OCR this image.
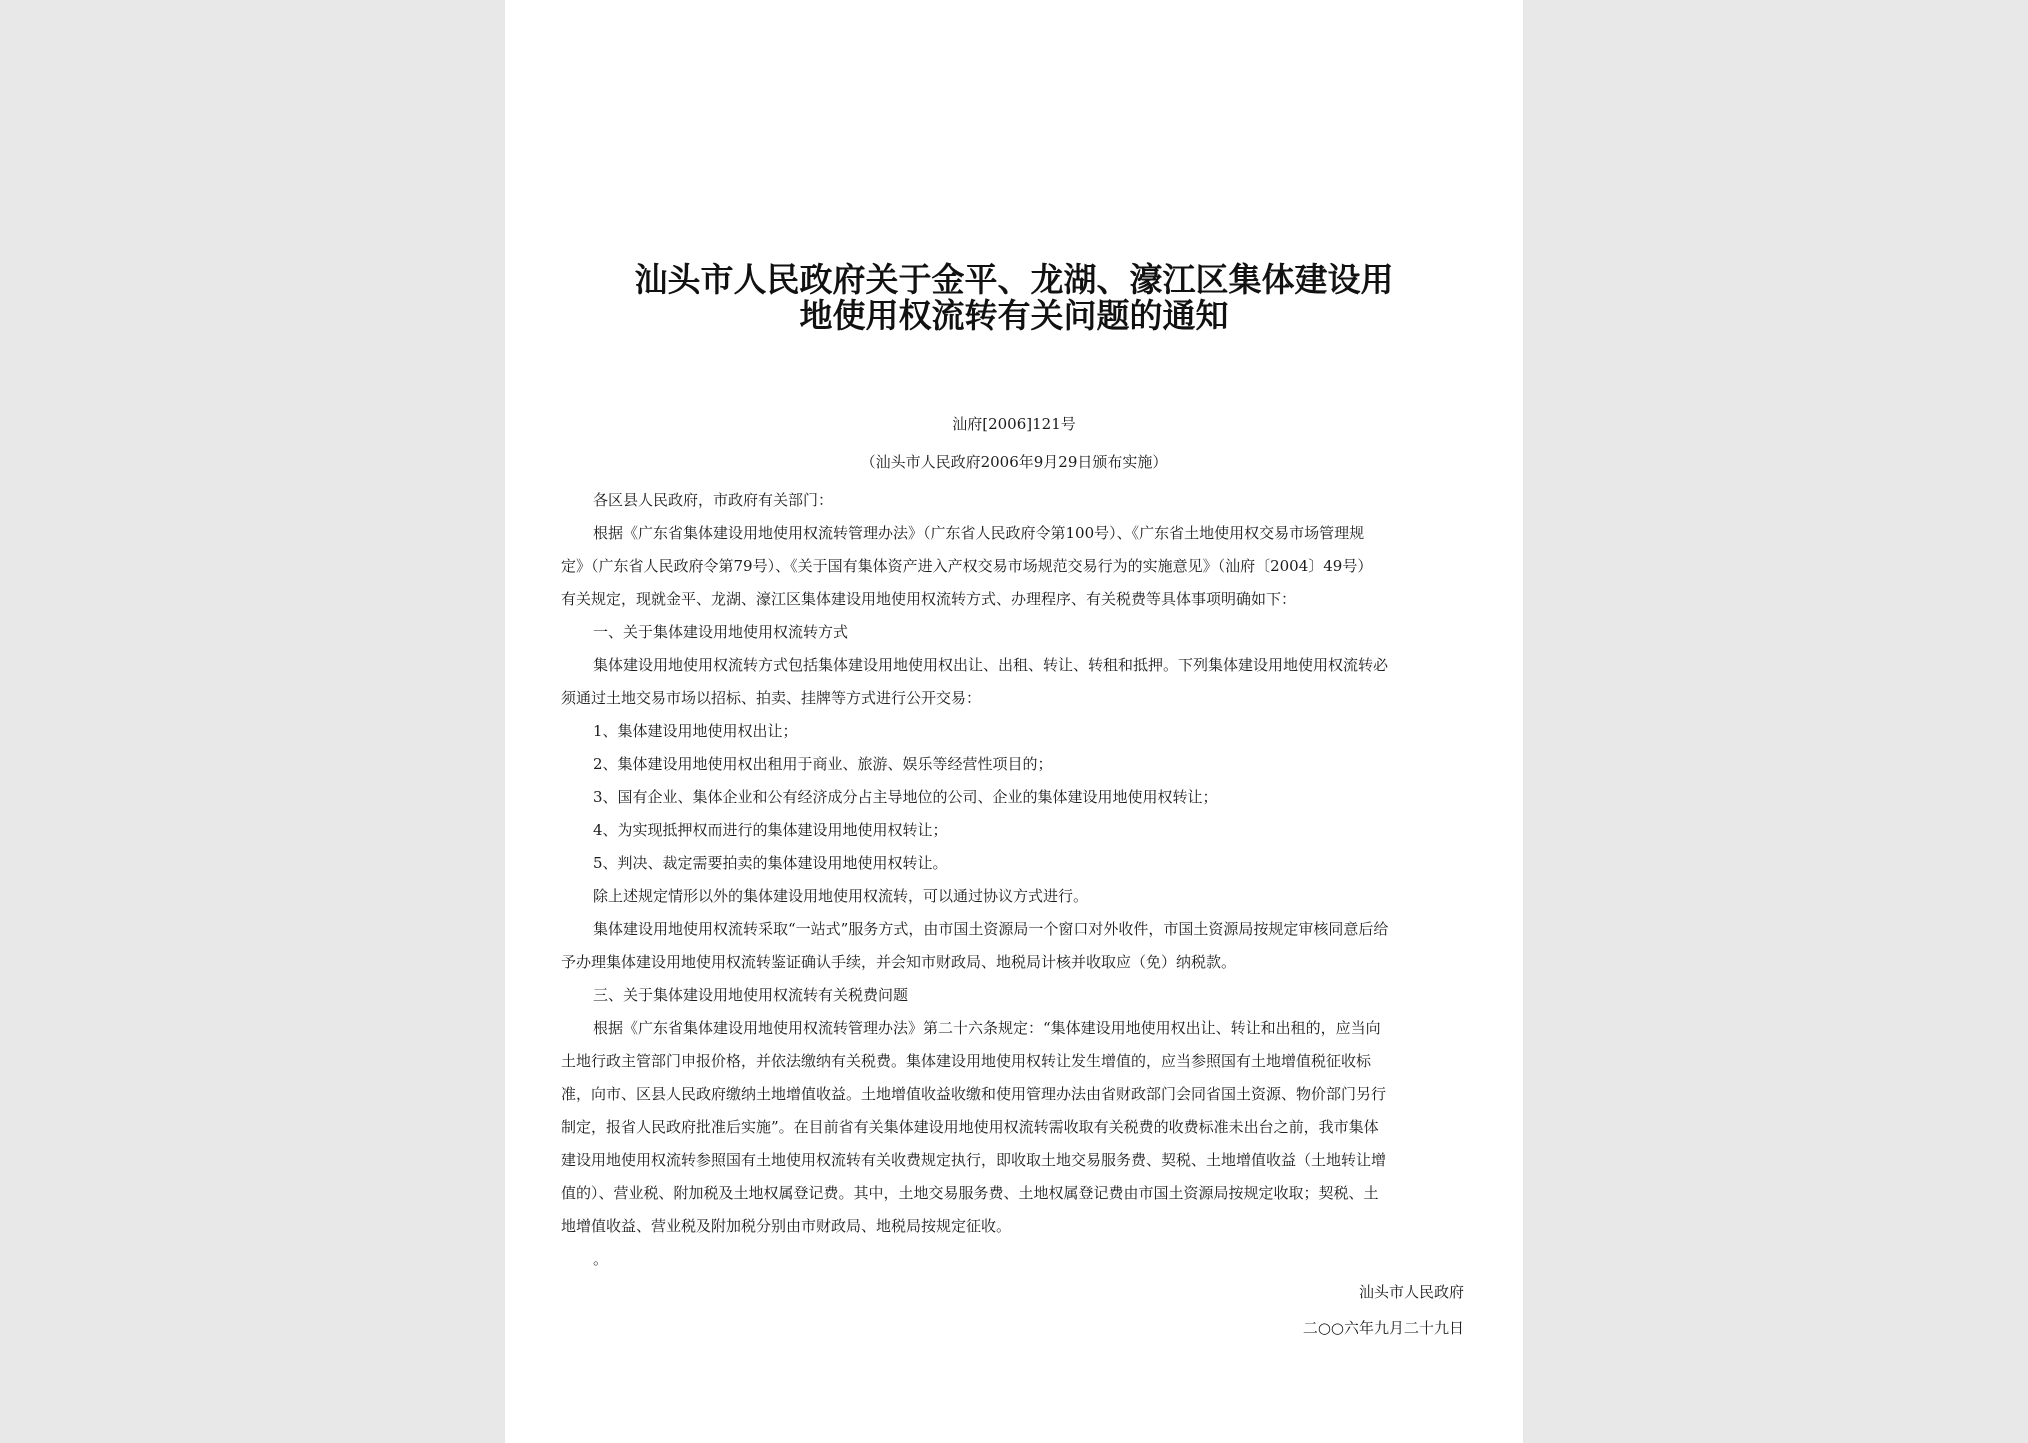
汕头市人民政府关于金平、龙湖、濠江区集体建设用
地使用权流转有关问题的通知
汕府[2006]121号
（汕头市人民政府2006年9月29日颁布实施）

各区县人民政府，市政府有关部门：

根据《广东省集体建设用地使用权流转管理办法》（广东省人民政府令第100号）、《广东省土地使用权交易市场管理规

定》（广东省人民政府令第79号）、《关于国有集体资产进入产权交易市场规范交易行为的实施意见》（汕府〔2004〕49号）

有关规定，现就金平、龙湖、濠江区集体建设用地使用权流转方式、办理程序、有关税费等具体事项明确如下：

一、关于集体建设用地使用权流转方式

集体建设用地使用权流转方式包括集体建设用地使用权出让、出租、转让、转租和抵押。下列集体建设用地使用权流转必

须通过土地交易市场以招标、拍卖、挂牌等方式进行公开交易：

1、集体建设用地使用权出让；

2、集体建设用地使用权出租用于商业、旅游、娱乐等经营性项目的；

3、国有企业、集体企业和公有经济成分占主导地位的公司、企业的集体建设用地使用权转让；

4、为实现抵押权而进行的集体建设用地使用权转让；

5、判决、裁定需要拍卖的集体建设用地使用权转让。

除上述规定情形以外的集体建设用地使用权流转，可以通过协议方式进行。

集体建设用地使用权流转采取“一站式”服务方式，由市国土资源局一个窗口对外收件，市国土资源局按规定审核同意后给

予办理集体建设用地使用权流转鉴证确认手续，并会知市财政局、地税局计核并收取应（免）纳税款。

三、关于集体建设用地使用权流转有关税费问题

根据《广东省集体建设用地使用权流转管理办法》第二十六条规定：“集体建设用地使用权出让、转让和出租的，应当向

土地行政主管部门申报价格，并依法缴纳有关税费。集体建设用地使用权转让发生增值的，应当参照国有土地增值税征收标

准，向市、区县人民政府缴纳土地增值收益。土地增值收益收缴和使用管理办法由省财政部门会同省国土资源、物价部门另行

制定，报省人民政府批准后实施”。在目前省有关集体建设用地使用权流转需收取有关税费的收费标准未出台之前，我市集体

建设用地使用权流转参照国有土地使用权流转有关收费规定执行，即收取土地交易服务费、契税、土地增值收益（土地转让增

值的）、营业税、附加税及土地权属登记费。其中，土地交易服务费、土地权属登记费由市国土资源局按规定收取；契税、土

地增值收益、营业税及附加税分别由市财政局、地税局按规定征收。

。

汕头市人民政府
二○○六年九月二十九日
